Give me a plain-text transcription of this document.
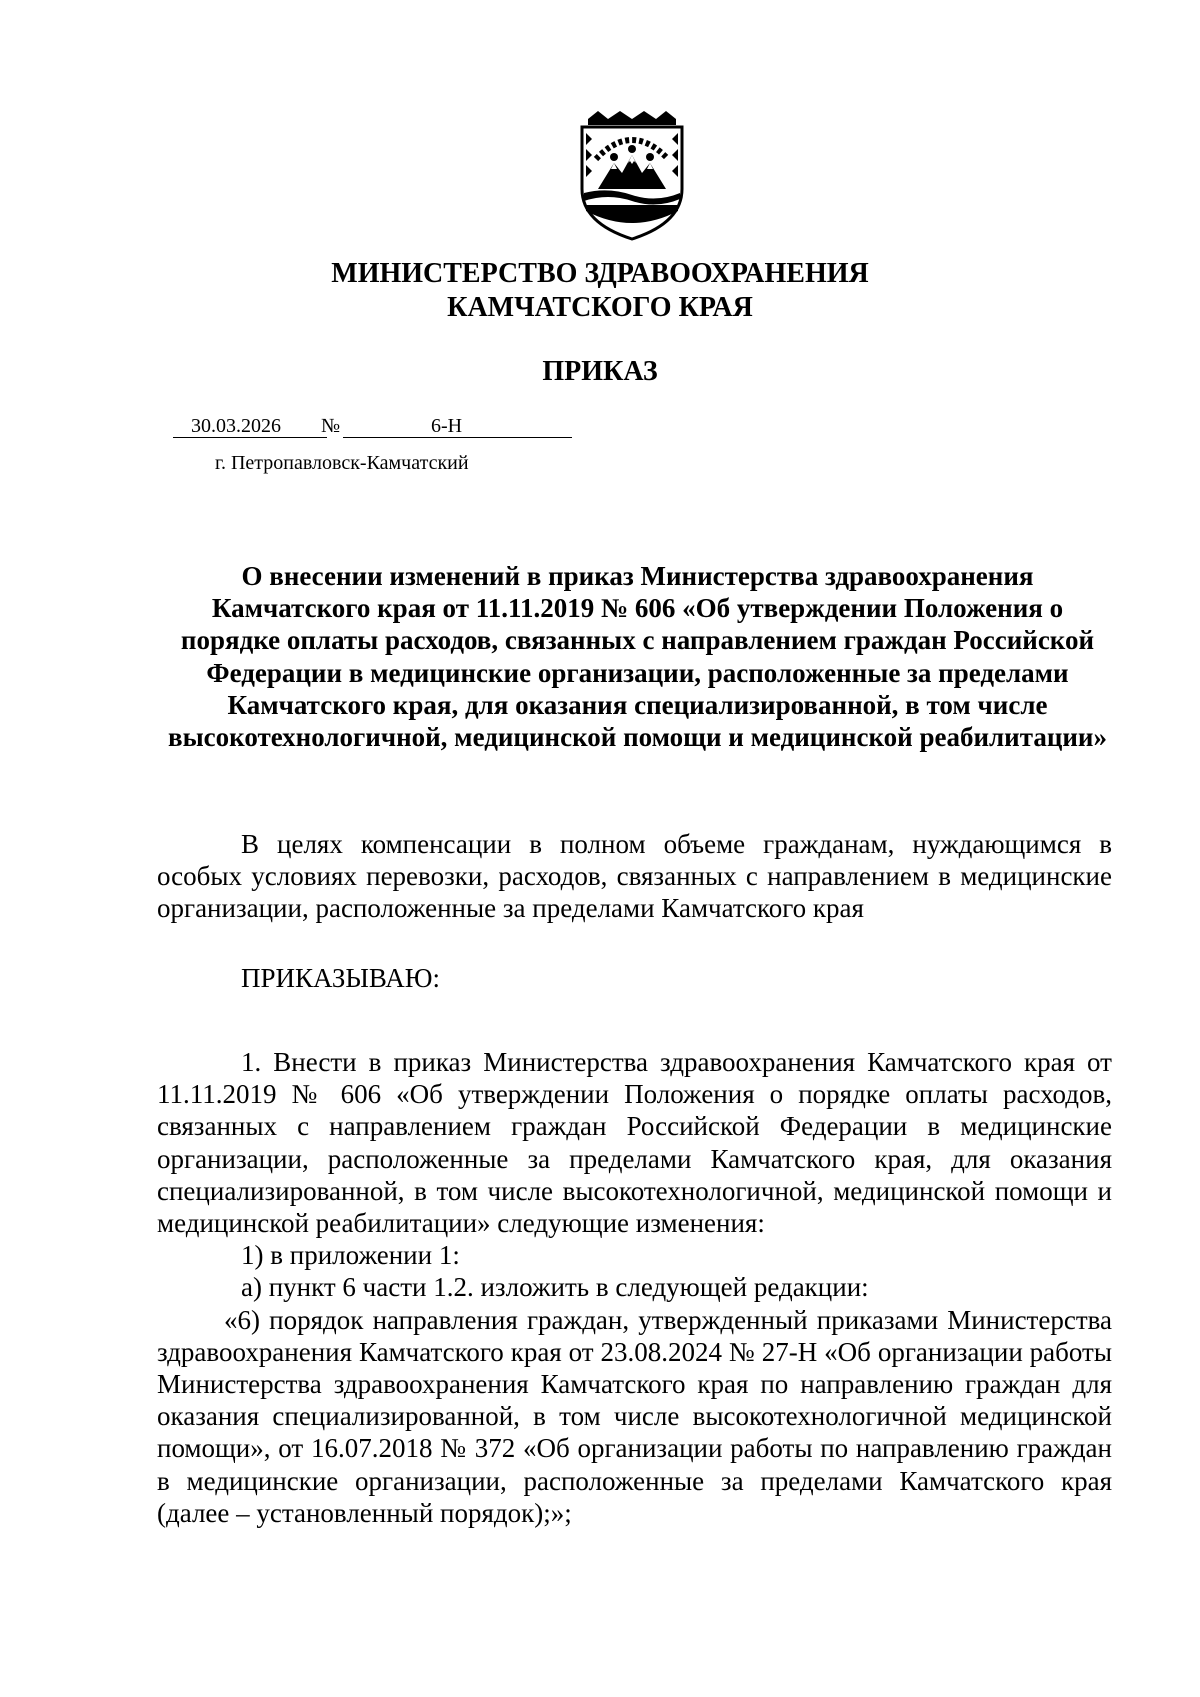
МИНИСТЕРСТВО ЗДРАВООХРАНЕНИЯ
КАМЧАТСКОГО КРАЯ
ПРИКАЗ
30.03.2026 №	6-Н
г. Петропавловск-Камчатский
О внесении изменений в приказ Министерства здравоохранения Камчатского края от 11.11.2019 № 606 «Об утверждении Положения о порядке оплаты расходов, связанных с направлением граждан Российской Федерации в медицинские организации, расположенные за пределами Камчатского края, для оказания специализированной, в том числе высокотехнологичной, медицинской помощи и медицинской реабилитации»

В целях компенсации в полном объеме гражданам, нуждающимся в особых условиях перевозки, расходов, связанных с направлением в медицинские организации, расположенные за пределами Камчатского края

ПРИКАЗЫВАЮ:

1. Внести в приказ Министерства здравоохранения Камчатского края от 11.11.2019 № 606 «Об утверждении Положения о порядке оплаты расходов, связанных с направлением граждан Российской Федерации в медицинские организации, расположенные за пределами Камчатского края, для оказания специализированной, в том числе высокотехнологичной, медицинской помощи и медицинской реабилитации» следующие изменения:

1) в приложении 1:

а) пункт 6 части 1.2. изложить в следующей редакции:

«6) порядок направления граждан, утвержденный приказами Министерства здравоохранения Камчатского края от 23.08.2024 № 27-Н «Об организации работы Министерства здравоохранения Камчатского края по направлению граждан для оказания специализированной, в том числе высокотехнологичной медицинской помощи», от 16.07.2018 № 372 «Об организации работы по направлению граждан в медицинские организации, расположенные за пределами Камчатского края (далее – установленный порядок);»;
